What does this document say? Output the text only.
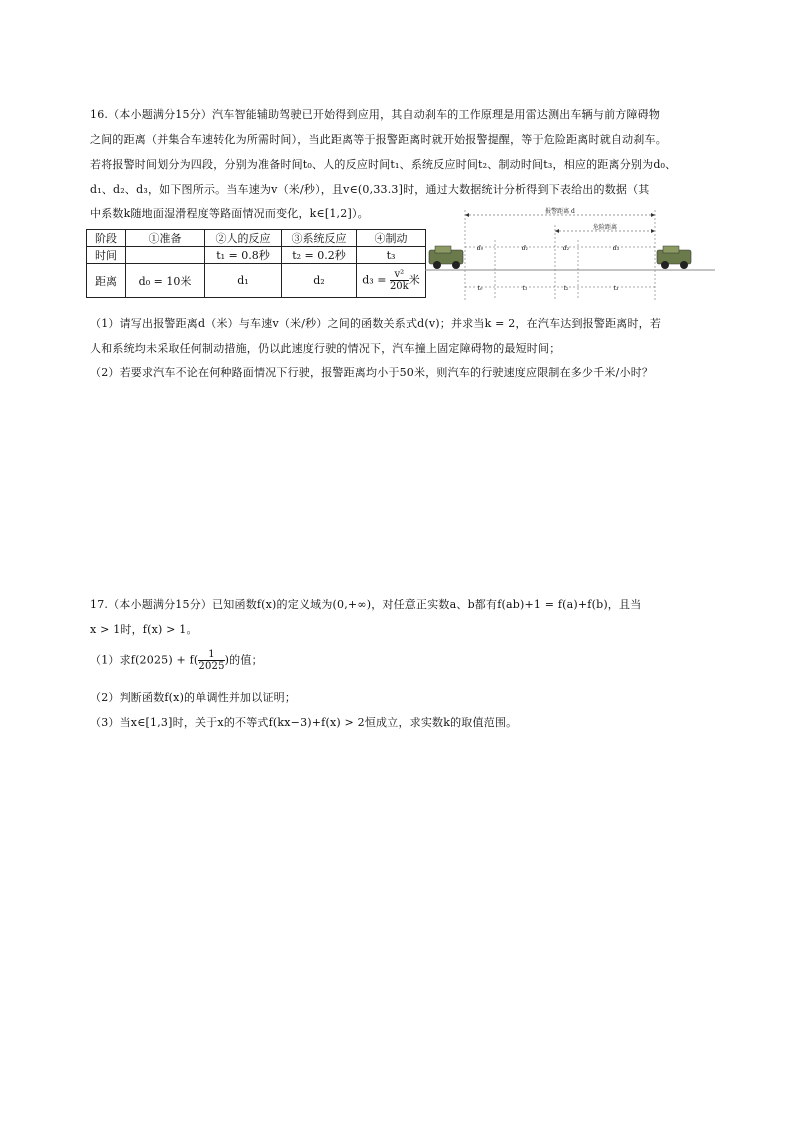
16.（本小题满分15分）汽车智能辅助驾驶已开始得到应用，其自动刹车的工作原理是用雷达测出车辆与前方障碍物
之间的距离（并集合车速转化为所需时间），当此距离等于报警距离时就开始报警提醒，等于危险距离时就自动刹车。
若将报警时间划分为四段，分别为准备时间t₀、人的反应时间t₁、系统反应时间t₂、制动时间t₃，相应的距离分别为d₀、
d₁、d₂、d₃，如下图所示。当车速为v（米/秒），且v∈(0,33.3]时，通过大数据统计分析得到下表给出的数据（其
中系数k随地面湿滑程度等路面情况而变化，k∈[1,2]）。
阶段	①准备	②人的反应	③系统反应	④制动
时间		t₁ = 0.8秒	t₂ = 0.2秒	t₃
距离	d₀ = 10米	d₁	d₂	$d_3 = \frac{\text{v²}}{20k}$ 米
报警距离 d
危险距离
d₀	d₁	d₂	d₃
t₀	t₁	t₂	t₃
（1）请写出报警距离d（米）与车速v（米/秒）之间的函数关系式d(v)；并求当k = 2，在汽车达到报警距离时，若
人和系统均未采取任何制动措施，仍以此速度行驶的情况下，汽车撞上固定障碍物的最短时间；
（2）若要求汽车不论在何种路面情况下行驶，报警距离均小于50米，则汽车的行驶速度应限制在多少千米/小时？
17.（本小题满分15分）已知函数f(x)的定义域为(0,+∞)，对任意正实数a、b都有f(ab)+1 = f(a)+f(b)，且当
x > 1时，f(x) > 1。
（1）求$f(2025) + f( \frac{1}{2025}$ )的值；
（2）判断函数f(x)的单调性并加以证明；
（3）当x∈[1,3]时，关于x的不等式f(kx−3)+f(x) > 2恒成立，求实数k的取值范围。
